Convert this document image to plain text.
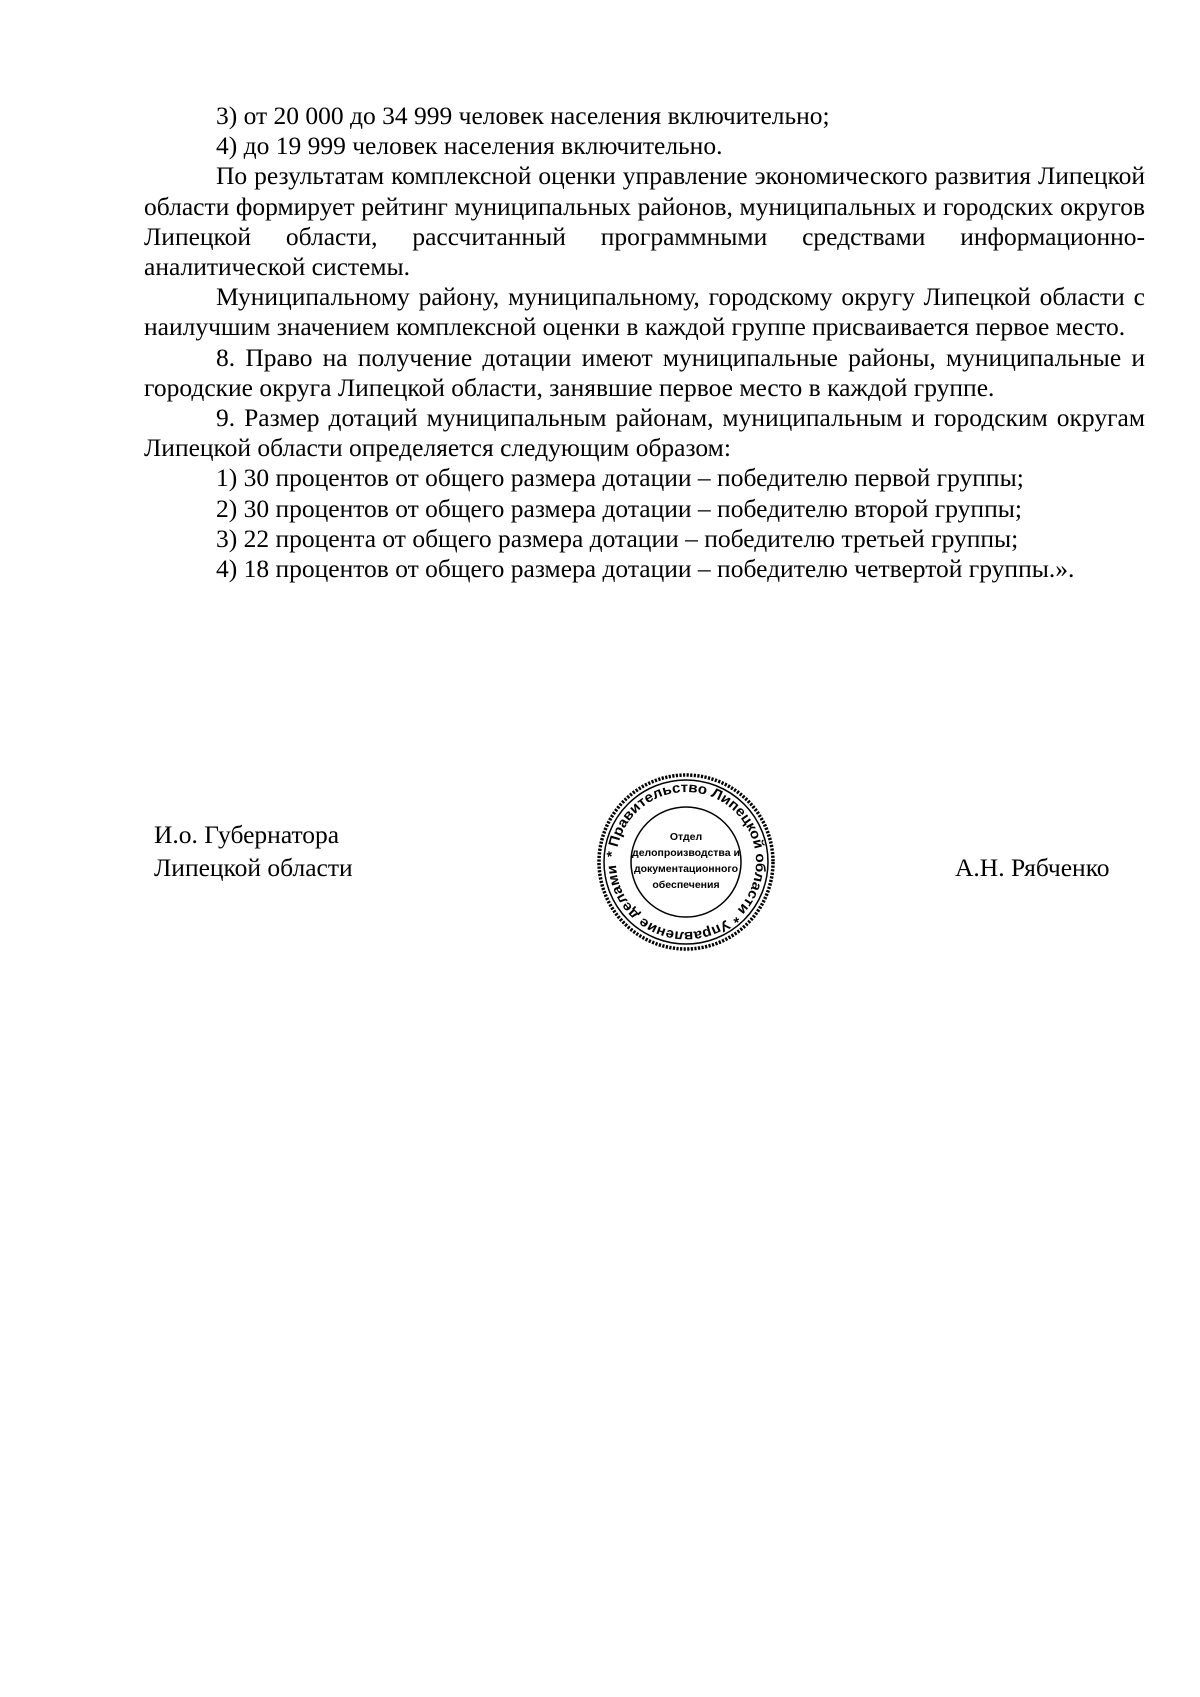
3) от 20 000 до 34 999 человек населения включительно;

4) до 19 999 человек населения включительно.

По результатам комплексной оценки управление экономического развития Липецкой области формирует рейтинг муниципальных районов, муниципальных и городских округов Липецкой области, рассчитанный программными средствами информационно-аналитической системы.

Муниципальному району, муниципальному, городскому округу Липецкой области с наилучшим значением комплексной оценки в каждой группе присваивается первое место.

8. Право на получение дотации имеют муниципальные районы, муниципальные и городские округа Липецкой области, занявшие первое место в каждой группе.

9. Размер дотаций муниципальным районам, муниципальным и городским округам Липецкой области определяется следующим образом:

1) 30 процентов от общего размера дотации – победителю первой группы;

2) 30 процентов от общего размера дотации – победителю второй группы;

3) 22 процента от общего размера дотации – победителю третьей группы;

4) 18 процентов от общего размера дотации – победителю четвертой группы.».

И.о. Губернатора
Липецкой области	* Правительство Липецкой области * Управление делами
Отдел
делопроизводства и
документационного
обеспечения
А.Н. Рябченко
